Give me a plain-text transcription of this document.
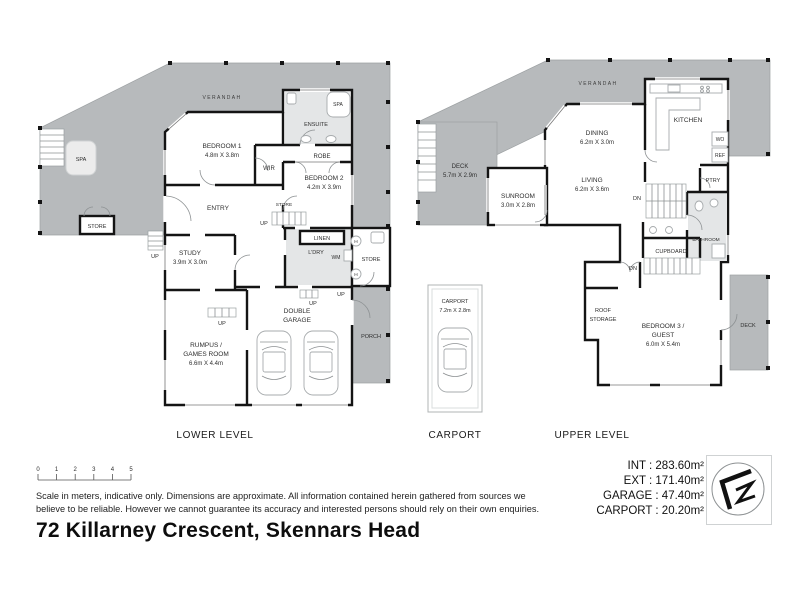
VERANDAH
SPA
STORE
BEDROOM 1
4.8m X 3.8m
WIR
ENSUITE
SPA
ROBE
BEDROOM 2
4.2m X 3.9m
ENTRY	STORE
UP
UP
UP
UP
UP
LINEN
L'DRY
WM
H
H
STORE
STUDY
3.9m X 3.0m
RUMPUS /
GAMES ROOM
6.6m X 4.4m
DOUBLE
GARAGE
PORCH
LOWER LEVEL
CARPORT
7.2m X 2.8m
CARPORT
VERANDAH
DECK
5.7m X 2.9m
SUNROOM
3.0m X 2.8m
DINING
6.2m X 3.0m
LIVING
6.2m X 3.6m
KITCHEN
WO
REF
PTRY
DN
DN
BATHROOM
CUPBOARD
ROOF
STORAGE
BEDROOM 3 /
GUEST
6.0m X 5.4m
DECK
UPPER LEVEL
0	1	2	3	4	5
Scale in meters, indicative only. Dimensions are approximate. All information contained herein gathered from sources we
believe to be reliable. However we cannot guarantee its accuracy and interested persons should rely on their own enquiries.
72 Killarney Crescent, Skennars Head
INT : 283.60m²
EXT : 171.40m²
GARAGE : 47.40m²
CARPORT : 20.20m²
